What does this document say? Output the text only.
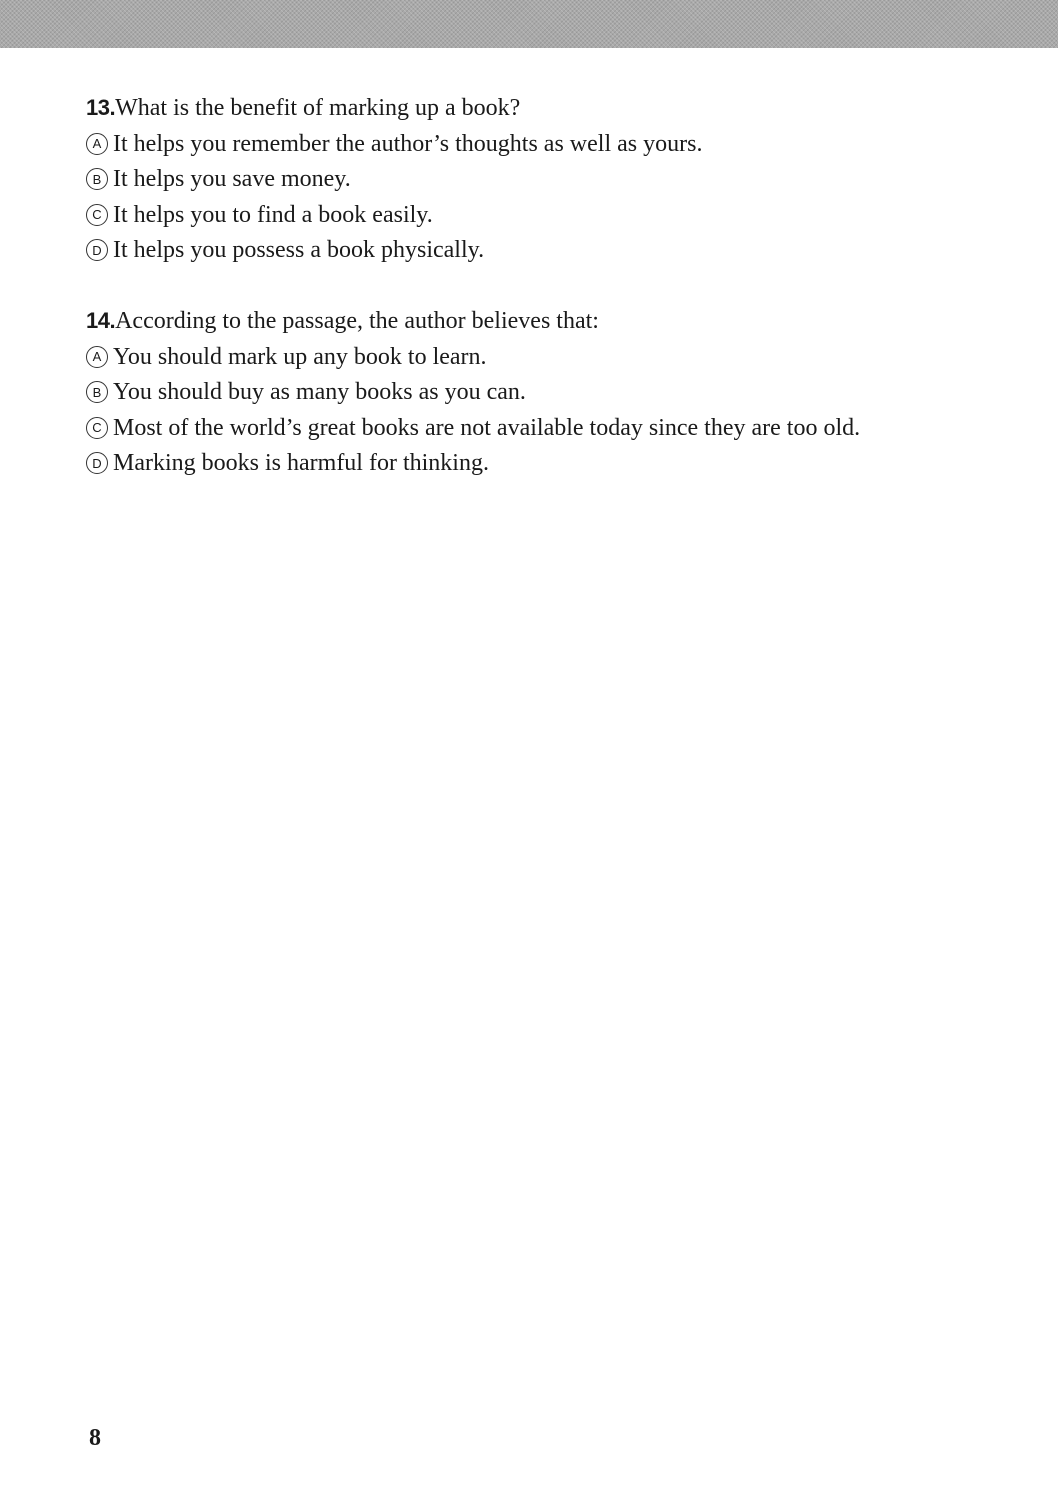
13.What is the benefit of marking up a book?
A It helps you remember the author’s thoughts as well as yours.
B It helps you save money.
C It helps you to find a book easily.
D It helps you possess a book physically.
14.According to the passage, the author believes that:
A You should mark up any book to learn.
B You should buy as many books as you can.
C Most of the world’s great books are not available today since they are too old.
D Marking books is harmful for thinking.
8
